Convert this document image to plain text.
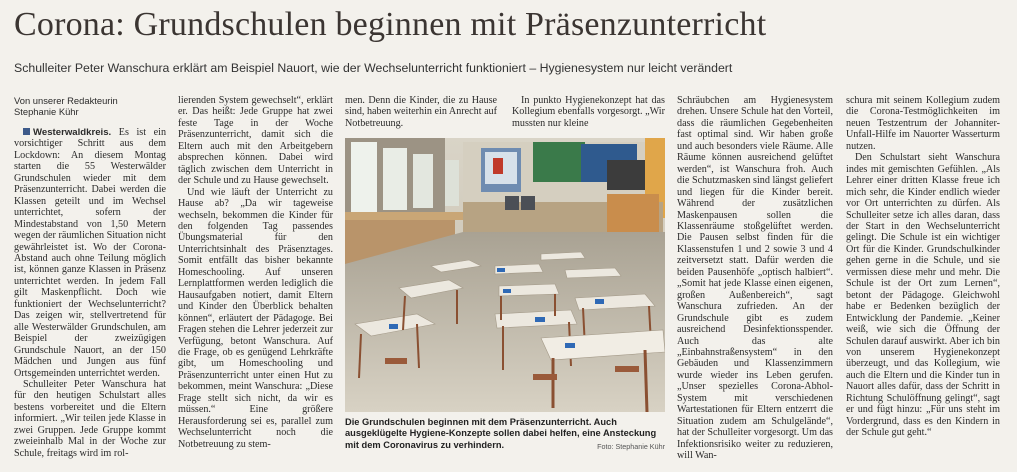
Corona: Grundschulen beginnen mit Präsenzunterricht

Schulleiter Peter Wanschura erklärt am Beispiel Nauort, wie der Wechselunterricht funktioniert – Hygienesystem nur leicht verändert

Von unserer Redakteurin
Stephanie Kühr

Westerwaldkreis. Es ist ein vorsichtiger Schritt aus dem Lockdown: An diesem Montag starten die 55 Westerwälder Grundschulen wieder mit dem Präsenzunterricht. Dabei werden die Klassen geteilt und im Wechsel unterrichtet, sofern der Mindestabstand von 1,50 Metern wegen der räumlichen Situation nicht gewährleistet ist. Wo der Corona-Abstand auch ohne Teilung möglich ist, können ganze Klassen in Präsenz unterrichtet werden. In jedem Fall gilt Maskenpflicht. Doch wie funktioniert der Wechselunterricht? Das zeigen wir, stellvertretend für alle Westerwälder Grundschulen, am Beispiel der zweizügigen Grundschule Nauort, an der 150 Mädchen und Jungen aus fünf Ortsgemeinden unterrichtet werden.

Schulleiter Peter Wanschura hat für den heutigen Schulstart alles bestens vorbereitet und die Eltern informiert. „Wir teilen jede Klasse in zwei Gruppen. Jede Gruppe kommt zweieinhalb Mal in der Woche zur Schule, freitags wird im rol-

lierenden System gewechselt“, erklärt er. Das heißt: Jede Gruppe hat zwei feste Tage in der Woche Präsenzunterricht, damit sich die Eltern auch mit den Arbeitgebern absprechen können. Dabei wird täglich zwischen dem Unterricht in der Schule und zu Hause gewechselt.

Und wie läuft der Unterricht zu Hause ab? „Da wir tageweise wechseln, bekommen die Kinder für den folgenden Tag passendes Übungsmaterial für den Unterrichtsinhalt des Präsenztages. Somit entfällt das bisher bekannte Homeschooling. Auf unseren Lernplattformen werden lediglich die Hausaufgaben notiert, damit Eltern und Kinder den Überblick behalten können“, erläutert der Pädagoge. Bei Fragen stehen die Lehrer jederzeit zur Verfügung, betont Wanschura. Auf die Frage, ob es genügend Lehrkräfte gibt, um Homeschooling und Präsenzunterricht unter einen Hut zu bekommen, meint Wanschura: „Diese Frage stellt sich nicht, da wir es müssen.“ Eine größere Herausforderung sei es, parallel zum Wechselunterricht noch die Notbetreuung zu stem-

men. Denn die Kinder, die zu Hause sind, haben weiterhin ein Anrecht auf Notbetreuung.

In punkto Hygienekonzept hat das Kollegium ebenfalls vorgesorgt. „Wir mussten nur kleine

Die Grundschulen beginnen mit dem Präsenzunterricht. Auch ausgeklügelte Hygiene-Konzepte sollen dabei helfen, eine Ansteckung mit dem Coronavirus zu verhindern.	Foto: Stephanie Kühr

Schräubchen am Hygienesystem drehen. Unsere Schule hat den Vorteil, dass die räumlichen Gegebenheiten fast optimal sind. Wir haben große und auch besonders viele Räume. Alle Räume können ausreichend gelüftet werden“, ist Wanschura froh. Auch die Schutzmasken sind längst geliefert und liegen für die Kinder bereit. Während der zusätzlichen Maskenpausen sollen die Klassenräume stoßgelüftet werden. Die Pausen selbst finden für die Klassenstufen 1 und 2 sowie 3 und 4 zeitversetzt statt. Dafür werden die beiden Pausenhöfe „optisch halbiert“. „Somit hat jede Klasse einen eigenen, großen Außenbereich“, sagt Wanschura zufrieden. An der Grundschule gibt es zudem ausreichend Desinfektionsspender. Auch das alte „Einbahnstraßensystem“ in den Gebäuden und Klassenzimmern wurde wieder ins Leben gerufen. „Unser spezielles Corona-Abhol-System mit verschiedenen Wartestationen für Eltern entzerrt die Situation zudem am Schulgelände“, hat der Schulleiter vorgesorgt. Um das Infektionsrisiko weiter zu reduzieren, will Wan-

schura mit seinem Kollegium zudem die Corona-Testmöglichkeiten im neuen Testzentrum der Johanniter-Unfall-Hilfe im Nauorter Wasserturm nutzen.

Den Schulstart sieht Wanschura indes mit gemischten Gefühlen. „Als Lehrer einer dritten Klasse freue ich mich sehr, die Kinder endlich wieder vor Ort unterrichten zu dürfen. Als Schulleiter setze ich alles daran, dass der Start in den Wechselunterricht gelingt. Die Schule ist ein wichtiger Ort für die Kinder. Grundschulkinder gehen gerne in die Schule, und sie vermissen diese mehr und mehr. Die Schule ist der Ort zum Lernen“, betont der Pädagoge. Gleichwohl habe er Bedenken bezüglich der Entwicklung der Pandemie. „Keiner weiß, wie sich die Öffnung der Schulen darauf auswirkt. Aber ich bin von unserem Hygienekonzept überzeugt, und das Kollegium, wie auch die Eltern und die Kinder tun in Nauort alles dafür, dass der Schritt in Richtung Schulöffnung gelingt“, sagt er und fügt hinzu: „Für uns steht im Vordergrund, dass es den Kindern in der Schule gut geht.“
